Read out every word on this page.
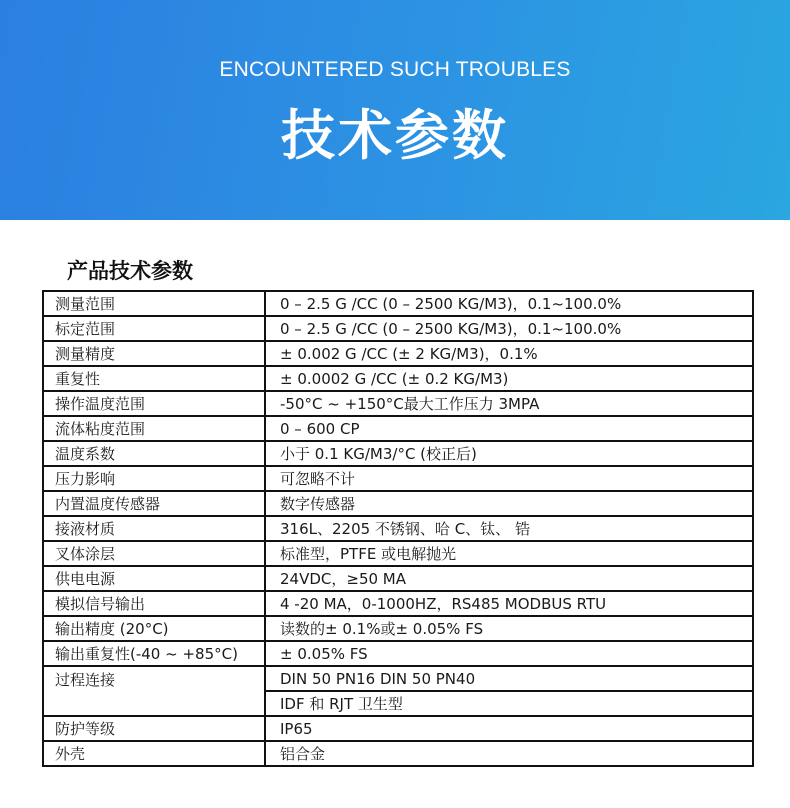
ENCOUNTERED SUCH TROUBLES
技术参数
产品技术参数
测量范围	0 – 2.5 G /CC (0 – 2500 KG/M3)，0.1~100.0%
标定范围	0 – 2.5 G /CC (0 – 2500 KG/M3)，0.1~100.0%
测量精度	± 0.002 G /CC (± 2 KG/M3)，0.1%
重复性	± 0.0002 G /CC (± 0.2 KG/M3)
操作温度范围	-50°C ~ +150°C最大工作压力 3MPA
流体粘度范围	0 – 600 CP
温度系数	小于 0.1 KG/M3/°C (校正后)
压力影响	可忽略不计
内置温度传感器	数字传感器
接液材质	316L、2205 不锈钢、哈 C、钛、 锆
叉体涂层	标准型，PTFE 或电解抛光
供电电源	24VDC，≥50 MA
模拟信号输出	4 -20 MA，0-1000HZ，RS485 MODBUS RTU
输出精度 (20°C)	读数的± 0.1%或± 0.05% FS
输出重复性(-40 ~ +85°C)	± 0.05% FS
过程连接	DIN 50 PN16 DIN 50 PN40
	IDF 和 RJT 卫生型
防护等级	IP65
外壳	铝合金
